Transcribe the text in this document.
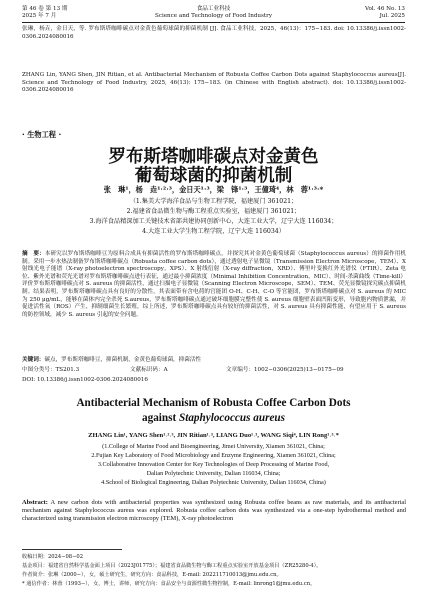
第 46 卷 第 13 期
2025 年 7 月
食品工业科技
Science and Technology of Food Industry
Vol. 46 No. 13
Jul. 2025
张琳，杨垚，金日天，等. 罗布斯塔咖啡碳点对金黄色葡萄球菌的抑菌机制 [J]. 食品工业科技，2025，46(13)：175−183. doi: 10.13386/j.issn1002-0306.2024080016
ZHANG Lin, YANG Shen, JIN Ritian, et al. Antibacterial Mechanism of Robusta Coffee Carbon Dots against Staphylococcus aureus[J]. Science and Technology of Food Industry, 2025, 46(13): 175−183. (in Chinese with English abstract). doi: 10.13386/j.issn1002-0306.2024080016
· 生物工程 ·
罗布斯塔咖啡碳点对金黄色
葡萄球菌的抑菌机制
张　琳¹，杨　垚¹˒²˒³，金日天¹˒³，梁　锋¹˒³，王僮琦⁴，林　蓉¹˒³˒*
（1.集美大学海洋食品与生物工程学院，福建厦门 361021；
2.福建省食品微生物与酶工程重点实验室，福建厦门 361021；
3.海洋食品精深加工关键技术省部共建协同创新中心，大连工业大学，辽宁大连 116034；
4.大连工业大学生物工程学院，辽宁大连 116034）
摘　要：本研究以罗布斯塔咖啡豆为原料合成具有抑菌活性的罗布斯塔咖啡碳点，并探究其对金黄色葡萄球菌（Staphylococcus aureus）的抑菌作用机制。采用一步水热法制备罗布斯塔咖啡碳点（Robusta coffee carbon dots），通过透射电子显微镜（Transmission Electron Microscope，TEM）、X 射线光电子能谱（X-ray photoelectron spectroscopy，XPS）、X 射线衍射（X-ray diffraction，XRD）、傅里叶变换红外光谱仪（FTIR）、Zeta 电位、紫外光谱和荧光光谱对罗布斯塔咖啡碳点进行表征，通过最小抑菌浓度（Minimal Inhibition Concentration，MIC）、时间-杀菌曲线（Time-kill）评价罗布斯塔咖啡碳点对 S. aureus 的抑菌活性，通过扫描电子显微镜（Scanning Electron Microscope，SEM）、TEM、荧光显微镜探究碳点抑菌机制。结果表明，罗布斯塔咖啡碳点具有良好的分散性，其表面带有含电荷的官能团 O-H、C-H、C-O 等官能团，罗布斯塔咖啡碳点对 S. aureus 的 MIC 为 250 μg/mL，能够在菌体内完全杀死 S.aureus，罗布斯塔咖啡碳点通过破坏细胞膜完整性使 S. aureus 细胞壁表面凹陷变形，导致胞内物质泄漏，并促进活性氧（ROS）产生，抑制细菌生长繁殖，综上所述，罗布斯塔咖啡碳点具有较好的抑菌活性，对 S. aureus 具有抑菌性能，有望应用于 S. aureus 的防控领域，减少 S. aureus 引起的安全问题。
关键词：碳点，罗布斯塔咖啡豆，抑菌机制，金黄色葡萄球菌，抑菌活性
中图分类号：TS201.3	文献标识码：A	文章编号：1002−0306(2025)13−0175−09
DOI: 10.13386/j.issn1002-0306.2024080016
Antibacterial Mechanism of Robusta Coffee Carbon Dots
against Staphylococcus aureus
ZHANG Lin¹, YANG Shen¹˒²˒³, JIN Ritian¹˒³, LIANG Duo¹˒³, WANG Siqi⁴, LIN Rong¹˒³˒*
(1.College of Marine Food and Bioengineering, Jimei University, Xiamen 361021, China;
2.Fujian Key Laboratory of Food Microbiology and Enzyme Engineering, Xiamen 361021, China;
3.Collaborative Innovation Center for Key Technologies of Deep Processing of Marine Food,
Dalian Polytechnic University, Dalian 116034, China;
4.School of Biological Engineering, Dalian Polytechnic University, Dalian 116034, China)
Abstract: A new carbon dots with antibacterial properties was synthesized using Robusta coffee beans as raw materials, and its antibacterial mechanism against Staphylococcus aureus was explored. Robusta coffee carbon dots was synthesized via a one-step hydrothermal method and characterized using transmission electron microscopy (TEM), X-ray photoelectron
收稿日期：2024−08−02
基金项目：福建省自然科学基金面上项目（2023J01775）；福建省食品微生物与酶工程重点实验室开放基金项目（ZR25280-4）。
作者简介：张琳（2000−），女，硕士研究生，研究方向：食品科技，E-mail: 202211710013@jmu.edu.cn。
* 通信作者：林蓉（1993−），女，博士，讲师，研究方向：食品安全与食源性微生物控制，E-mail: linrong1@jmu.edu.cn。
